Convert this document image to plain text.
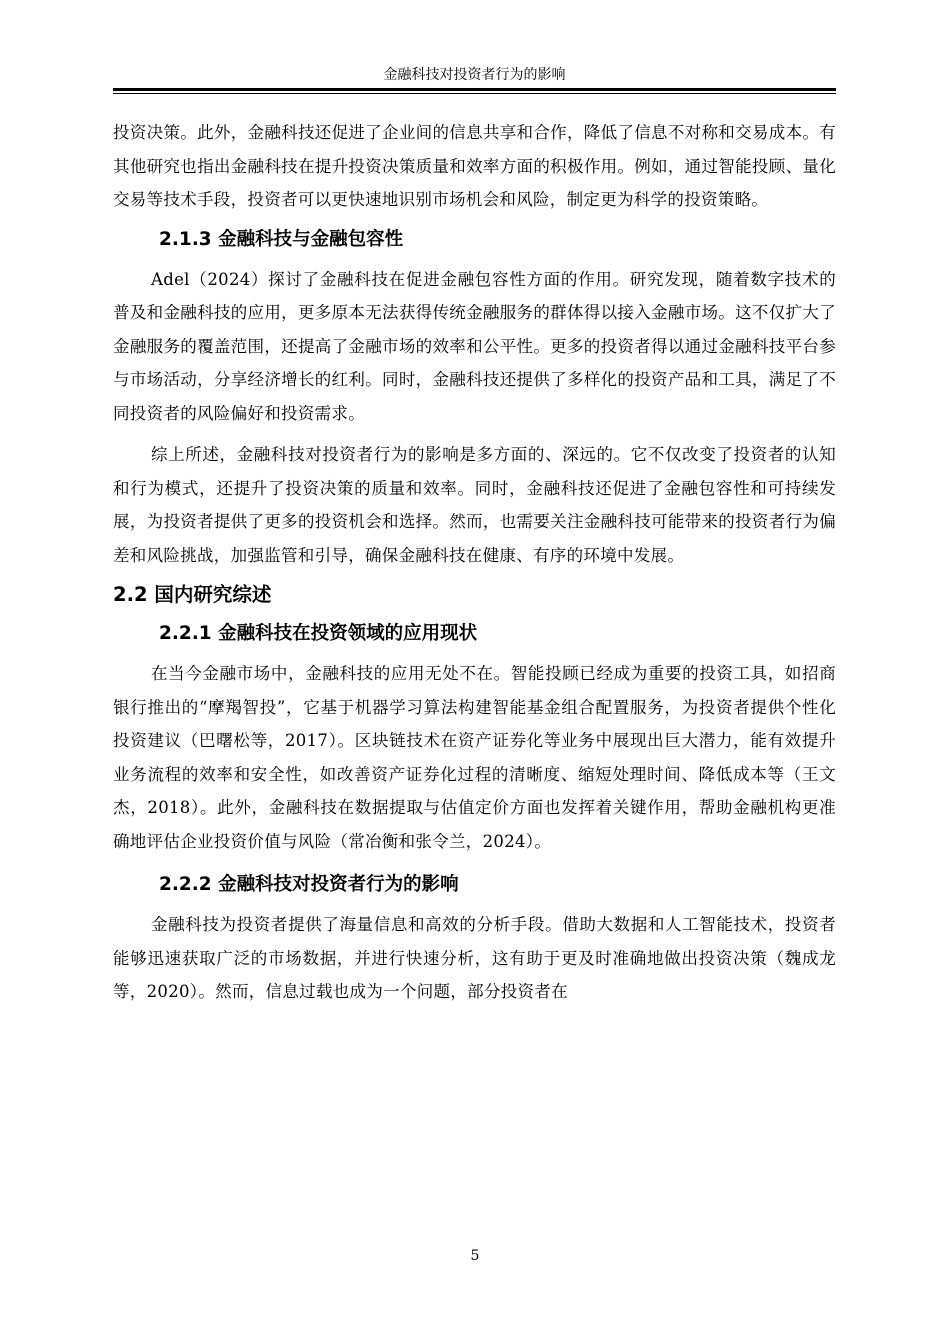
金融科技对投资者行为的影响

投资决策。此外，金融科技还促进了企业间的信息共享和合作，降低了信息不对称和交易成本。有其他研究也指出金融科技在提升投资决策质量和效率方面的积极作用。例如，通过智能投顾、量化交易等技术手段，投资者可以更快速地识别市场机会和风险，制定更为科学的投资策略。

2.1.3 金融科技与金融包容性

Adel（2024）探讨了金融科技在促进金融包容性方面的作用。研究发现，随着数字技术的普及和金融科技的应用，更多原本无法获得传统金融服务的群体得以接入金融市场。这不仅扩大了金融服务的覆盖范围，还提高了金融市场的效率和公平性。更多的投资者得以通过金融科技平台参与市场活动，分享经济增长的红利。同时，金融科技还提供了多样化的投资产品和工具，满足了不同投资者的风险偏好和投资需求。

综上所述，金融科技对投资者行为的影响是多方面的、深远的。它不仅改变了投资者的认知和行为模式，还提升了投资决策的质量和效率。同时，金融科技还促进了金融包容性和可持续发展，为投资者提供了更多的投资机会和选择。然而，也需要关注金融科技可能带来的投资者行为偏差和风险挑战，加强监管和引导，确保金融科技在健康、有序的环境中发展。

2.2 国内研究综述
2.2.1 金融科技在投资领域的应用现状

在当今金融市场中，金融科技的应用无处不在。智能投顾已经成为重要的投资工具，如招商银行推出的“摩羯智投”，它基于机器学习算法构建智能基金组合配置服务，为投资者提供个性化投资建议（巴曙松等，2017）。区块链技术在资产证券化等业务中展现出巨大潜力，能有效提升业务流程的效率和安全性，如改善资产证券化过程的清晰度、缩短处理时间、降低成本等（王文杰，2018）。此外，金融科技在数据提取与估值定价方面也发挥着关键作用，帮助金融机构更准确地评估企业投资价值与风险（常冶衡和张令兰，2024）。

2.2.2 金融科技对投资者行为的影响

金融科技为投资者提供了海量信息和高效的分析手段。借助大数据和人工智能技术，投资者能够迅速获取广泛的市场数据，并进行快速分析，这有助于更及时准确地做出投资决策（魏成龙等，2020）。然而，信息过载也成为一个问题，部分投资者在

5
